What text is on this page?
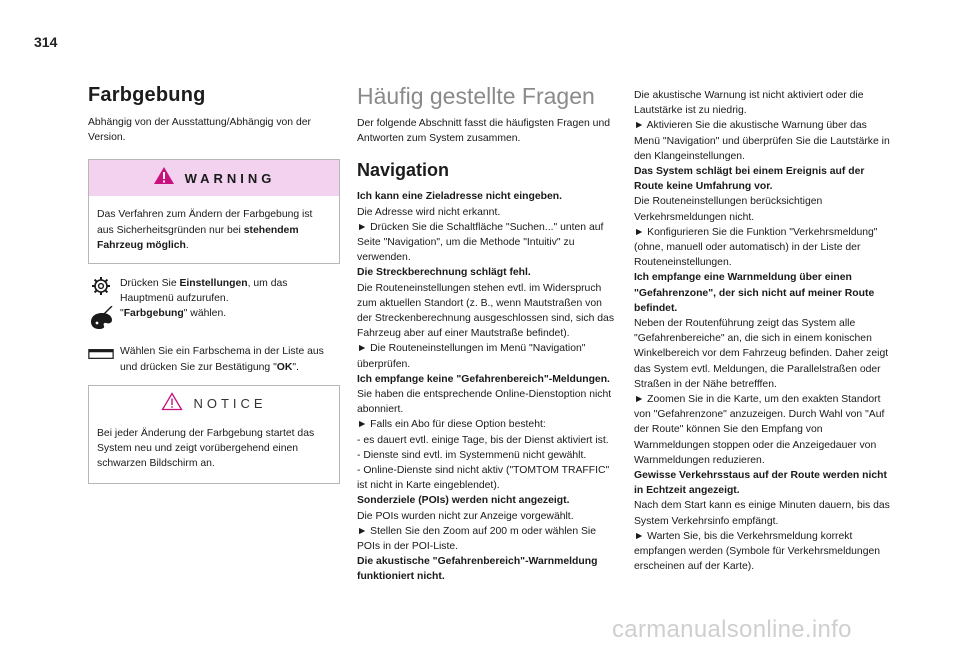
314
Farbgebung

Abhängig von der Ausstattung/Abhängig von der Version.

WARNING

Das Verfahren zum Ändern der Farbgebung ist aus Sicherheitsgründen nur bei stehendem Fahrzeug möglich.

Drücken Sie Einstellungen, um das Hauptmenü aufzurufen.

"Farbgebung" wählen.

Wählen Sie ein Farbschema in der Liste aus und drücken Sie zur Bestätigung "OK".

NOTICE

Bei jeder Änderung der Farbgebung startet das System neu und zeigt vorübergehend einen schwarzen Bildschirm an.

Häufig gestellte Fragen

Der folgende Abschnitt fasst die häufigsten Fragen und Antworten zum System zusammen.

Navigation

Ich kann eine Zieladresse nicht eingeben.

Die Adresse wird nicht erkannt.

► Drücken Sie die Schaltfläche "Suchen..." unten auf Seite "Navigation", um die Methode "Intuitiv" zu verwenden.

Die Streckberechnung schlägt fehl.

Die Routeneinstellungen stehen evtl. im Widerspruch zum aktuellen Standort (z. B., wenn Mautstraßen von der Streckenberechnung ausgeschlossen sind, sich das Fahrzeug aber auf einer Mautstraße befindet).

► Die Routeneinstellungen im Menü "Navigation" überprüfen.

Ich empfange keine "Gefahrenbereich"-Meldungen.

Sie haben die entsprechende Online-Dienstoption nicht abonniert.

► Falls ein Abo für diese Option besteht:

- es dauert evtl. einige Tage, bis der Dienst aktiviert ist.

- Dienste sind evtl. im Systemmenü nicht gewählt.

- Online-Dienste sind nicht aktiv ("TOMTOM TRAFFIC" ist nicht in Karte eingeblendet).

Sonderziele (POIs) werden nicht angezeigt.

Die POIs wurden nicht zur Anzeige vorgewählt.

► Stellen Sie den Zoom auf 200 m oder wählen Sie POIs in der POI-Liste.

Die akustische "Gefahrenbereich"-Warnmeldung funktioniert nicht.

Die akustische Warnung ist nicht aktiviert oder die Lautstärke ist zu niedrig.

► Aktivieren Sie die akustische Warnung über das Menü "Navigation" und überprüfen Sie die Lautstärke in den Klangeinstellungen.

Das System schlägt bei einem Ereignis auf der Route keine Umfahrung vor.

Die Routeneinstellungen berücksichtigen Verkehrsmeldungen nicht.

► Konfigurieren Sie die Funktion "Verkehrsmeldung" (ohne, manuell oder automatisch) in der Liste der Routeneinstellungen.

Ich empfange eine Warnmeldung über einen "Gefahrenzone", der sich nicht auf meiner Route befindet.

Neben der Routenführung zeigt das System alle "Gefahrenbereiche" an, die sich in einem konischen Winkelbereich vor dem Fahrzeug befinden. Daher zeigt das System evtl. Meldungen, die Parallelstraßen oder Straßen in der Nähe betrefffen.

► Zoomen Sie in die Karte, um den exakten Standort von "Gefahrenzone" anzuzeigen. Durch Wahl von "Auf der Route" können Sie den Empfang von Warnmeldungen stoppen oder die Anzeigedauer von Warnmeldungen reduzieren.

Gewisse Verkehrsstaus auf der Route werden nicht in Echtzeit angezeigt.

Nach dem Start kann es einige Minuten dauern, bis das System Verkehrsinfo empfängt.

► Warten Sie, bis die Verkehrsmeldung korrekt empfangen werden (Symbole für Verkehrsmeldungen erscheinen auf der Karte).

carmanualsonline.info
